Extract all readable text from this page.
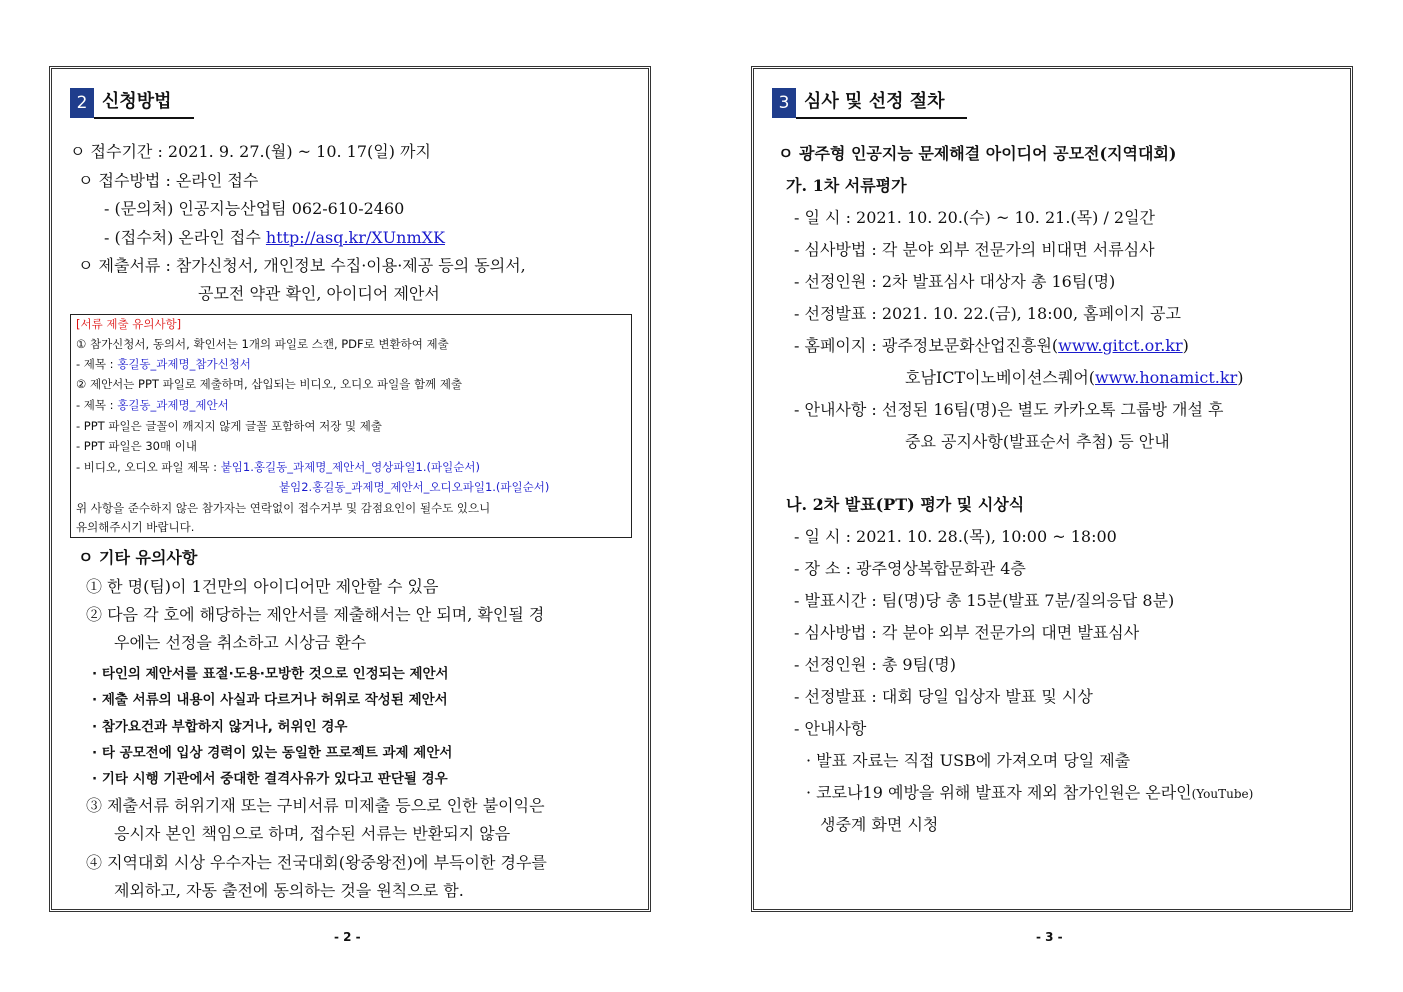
2 신청방법
ㅇ 접수기간 : 2021. 9. 27.(월) ~ 10. 17(일) 까지
ㅇ 접수방법 : 온라인 접수
- (문의처) 인공지능산업팀 062-610-2460
- (접수처) 온라인 접수 http://asq.kr/XUnmXK
ㅇ 제출서류 : 참가신청서, 개인정보 수집·이용·제공 등의 동의서,
공모전 약관 확인, 아이디어 제안서
[서류 제출 유의사항]
① 참가신청서, 동의서, 확인서는 1개의 파일로 스캔, PDF로 변환하여 제출
- 제목 : 홍길동_과제명_참가신청서
② 제안서는 PPT 파일로 제출하며, 삽입되는 비디오, 오디오 파일을 함께 제출
- 제목 : 홍길동_과제명_제안서
- PPT 파일은 글꼴이 깨지지 않게 글꼴 포함하여 저장 및 제출
- PPT 파일은 30매 이내
- 비디오, 오디오 파일 제목 : 붙임1.홍길동_과제명_제안서_영상파일1.(파일순서)
붙임2.홍길동_과제명_제안서_오디오파일1.(파일순서)
위 사항을 준수하지 않은 참가자는 연락없이 접수거부 및 감점요인이 될수도 있으니
유의해주시기 바랍니다.
ㅇ 기타 유의사항
① 한 명(팀)이 1건만의 아이디어만 제안할 수 있음
② 다음 각 호에 해당하는 제안서를 제출해서는 안 되며, 확인될 경
우에는 선정을 취소하고 시상금 환수
· 타인의 제안서를 표절·도용·모방한 것으로 인정되는 제안서
· 제출 서류의 내용이 사실과 다르거나 허위로 작성된 제안서
· 참가요건과 부합하지 않거나, 허위인 경우
· 타 공모전에 입상 경력이 있는 동일한 프로젝트 과제 제안서
· 기타 시행 기관에서 중대한 결격사유가 있다고 판단될 경우
③ 제출서류 허위기재 또는 구비서류 미제출 등으로 인한 불이익은
응시자 본인 책임으로 하며, 접수된 서류는 반환되지 않음
④ 지역대회 시상 우수자는 전국대회(왕중왕전)에 부득이한 경우를
제외하고, 자동 출전에 동의하는 것을 원칙으로 함.
3 심사 및 선정 절차
ㅇ 광주형 인공지능 문제해결 아이디어 공모전(지역대회)
가. 1차 서류평가
- 일 시 : 2021. 10. 20.(수) ~ 10. 21.(목) / 2일간
- 심사방법 : 각 분야 외부 전문가의 비대면 서류심사
- 선정인원 : 2차 발표심사 대상자 총 16팀(명)
- 선정발표 : 2021. 10. 22.(금), 18:00, 홈페이지 공고
- 홈페이지 : 광주정보문화산업진흥원(www.gitct.or.kr)
호남ICT이노베이션스퀘어(www.honamict.kr)
- 안내사항 : 선정된 16팀(명)은 별도 카카오톡 그룹방 개설 후
중요 공지사항(발표순서 추첨) 등 안내
나. 2차 발표(PT) 평가 및 시상식
- 일 시 : 2021. 10. 28.(목), 10:00 ~ 18:00
- 장 소 : 광주영상복합문화관 4층
- 발표시간 : 팀(명)당 총 15분(발표 7분/질의응답 8분)
- 심사방법 : 각 분야 외부 전문가의 대면 발표심사
- 선정인원 : 총 9팀(명)
- 선정발표 : 대회 당일 입상자 발표 및 시상
- 안내사항
· 발표 자료는 직접 USB에 가져오며 당일 제출
· 코로나19 예방을 위해 발표자 제외 참가인원은 온라인(YouTube)
생중계 화면 시청
- 2 -	- 3 -
